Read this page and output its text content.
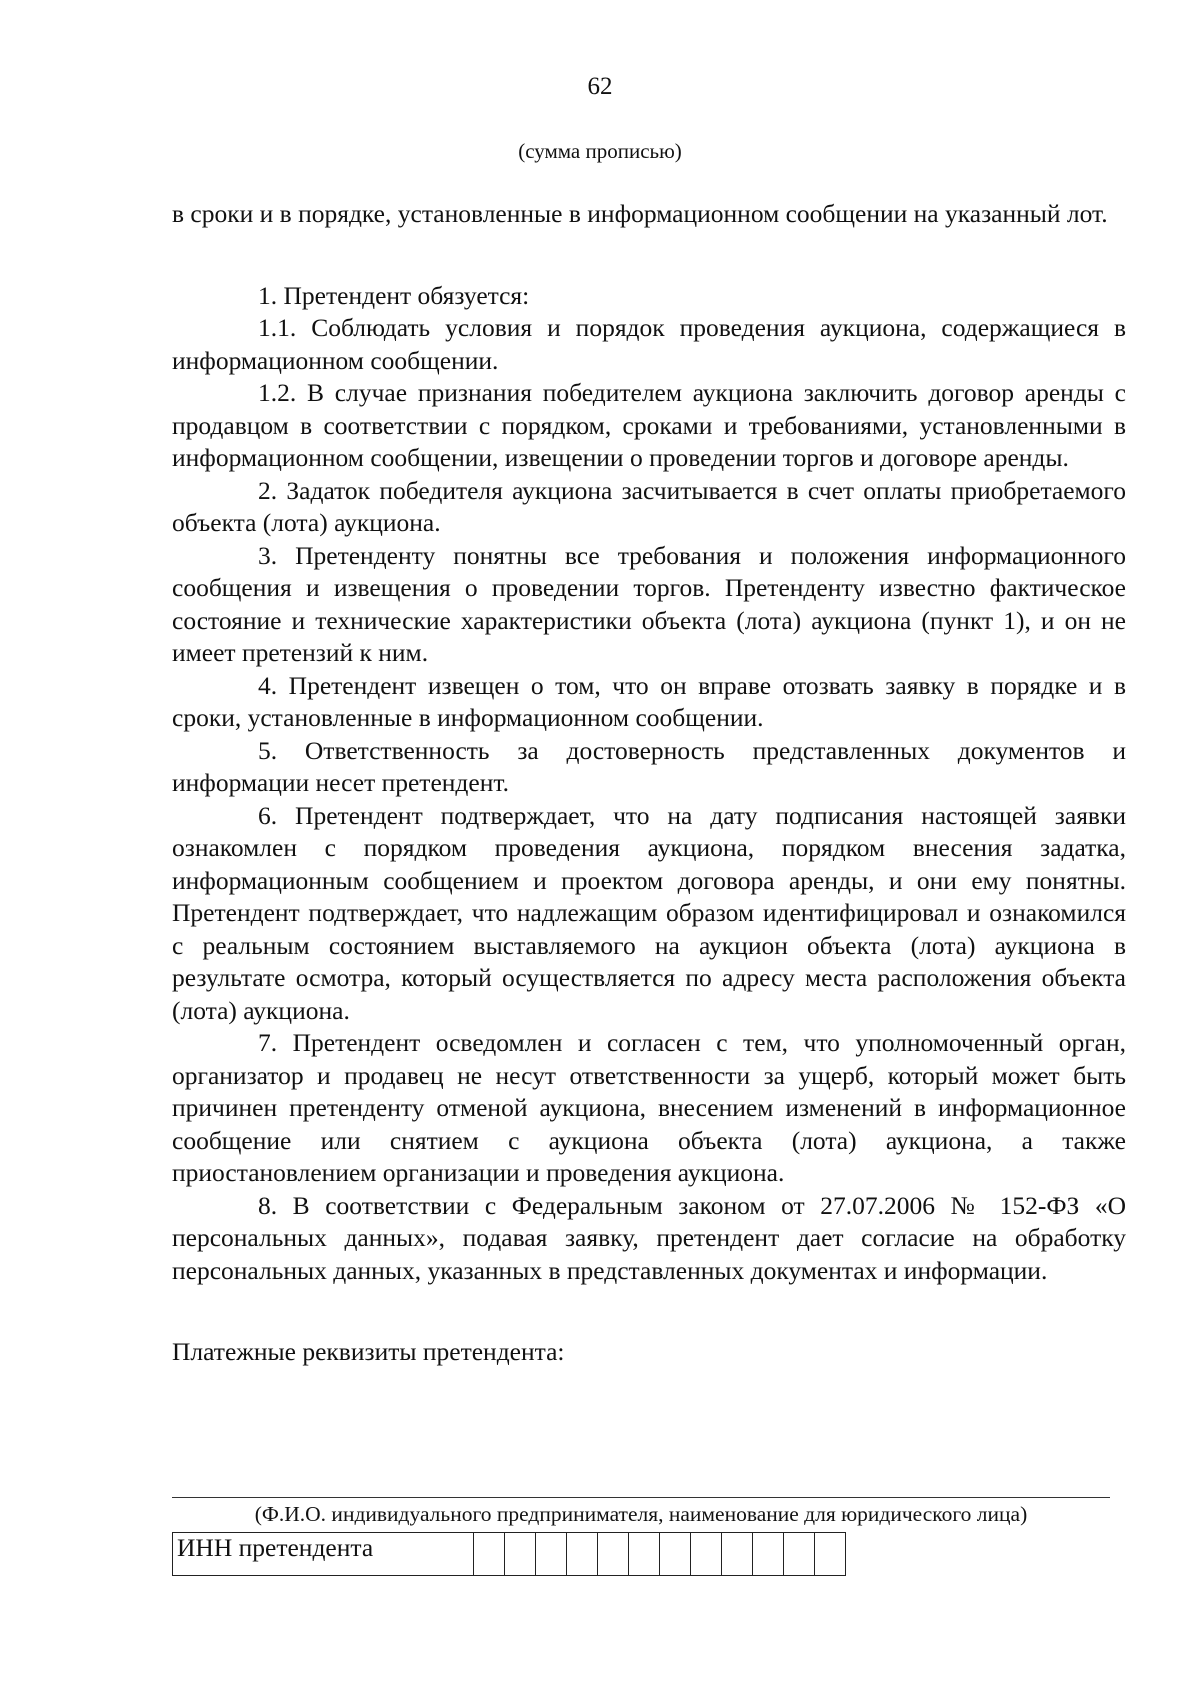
62
(сумма прописью)

в сроки и в порядке, установленные в информационном сообщении на указанный лот.

1. Претендент обязуется:

1.1. Соблюдать условия и порядок проведения аукциона, содержащиеся в информационном сообщении.

1.2. В случае признания победителем аукциона заключить договор аренды с продавцом в соответствии с порядком, сроками и требованиями, установленными в информационном сообщении, извещении о проведении торгов и договоре аренды.

2. Задаток победителя аукциона засчитывается в счет оплаты приобретаемого объекта (лота) аукциона.

3. Претенденту понятны все требования и положения информационного сообщения и извещения о проведении торгов. Претенденту известно фактическое состояние и технические характеристики объекта (лота) аукциона (пункт 1), и он не имеет претензий к ним.

4. Претендент извещен о том, что он вправе отозвать заявку в порядке и в сроки, установленные в информационном сообщении.

5. Ответственность за достоверность представленных документов и информации несет претендент.

6. Претендент подтверждает, что на дату подписания настоящей заявки ознакомлен с порядком проведения аукциона, порядком внесения задатка, информационным сообщением и проектом договора аренды, и они ему понятны. Претендент подтверждает, что надлежащим образом идентифицировал и ознакомился с реальным состоянием выставляемого на аукцион объекта (лота) аукциона в результате осмотра, который осуществляется по адресу места расположения объекта (лота) аукциона.

7. Претендент осведомлен и согласен с тем, что уполномоченный орган, организатор и продавец не несут ответственности за ущерб, который может быть причинен претенденту отменой аукциона, внесением изменений в информационное сообщение или снятием с аукциона объекта (лота) аукциона, а также приостановлением организации и проведения аукциона.

8. В соответствии с Федеральным законом от 27.07.2006 № 152-ФЗ «О персональных данных», подавая заявку, претендент дает согласие на обработку персональных данных, указанных в представленных документах и информации.

Платежные реквизиты претендента:

(Ф.И.О. индивидуального предпринимателя, наименование для юридического лица)
ИНН претендента												
